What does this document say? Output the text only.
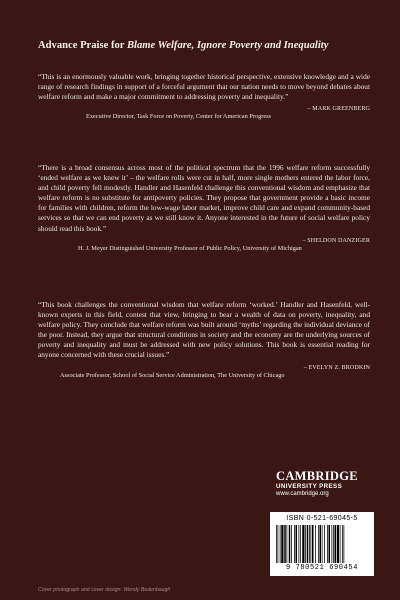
Advance Praise for Blame Welfare, Ignore Poverty and Inequality
“This is an enormously valuable work, bringing together historical perspective, extensive knowledge and a wide range of research findings in support of a forceful argument that our nation needs to move beyond debates about welfare reform and make a major commitment to addressing poverty and inequality.”
– MARK GREENBERG
Executive Director, Task Force on Poverty, Center for American Progress
“There is a broad consensus across most of the political spectrum that the 1996 welfare reform successfully ‘ended welfare as we knew it’ – the welfare rolls were cut in half, more single mothers entered the labor force, and child poverty fell modestly. Handler and Hasenfeld challenge this conventional wisdom and emphasize that welfare reform is no substitute for antipoverty policies. They propose that government provide a basic income for families with children, reform the low-wage labor market, improve child care and expand community-based services so that we can end poverty as we still know it. Anyone interested in the future of social welfare policy should read this book.”
– SHELDON DANZIGER
H. J. Meyer Distinguished University Professor of Public Policy, University of Michigan
“This book challenges the conventional wisdom that welfare reform ‘worked.’ Handler and Hasenfeld, well-known experts in this field, contest that view, bringing to bear a wealth of data on poverty, inequality, and welfare policy. They conclude that welfare reform was built around ‘myths’ regarding the individual deviance of the poor. Instead, they argue that structural conditions in society and the economy are the underlying sources of poverty and inequality and must be addressed with new policy solutions. This book is essential reading for anyone concerned with these crucial issues.”
– EVELYN Z. BRODKIN
Associate Professor, School of Social Service Administration, The University of Chicago
CAMBRIDGE
UNIVERSITY PRESS
www.cambridge.org
ISBN 0-521-69045-5
9 780521 690454
Cover photograph and cover design: Wendy Bedenbaugh
